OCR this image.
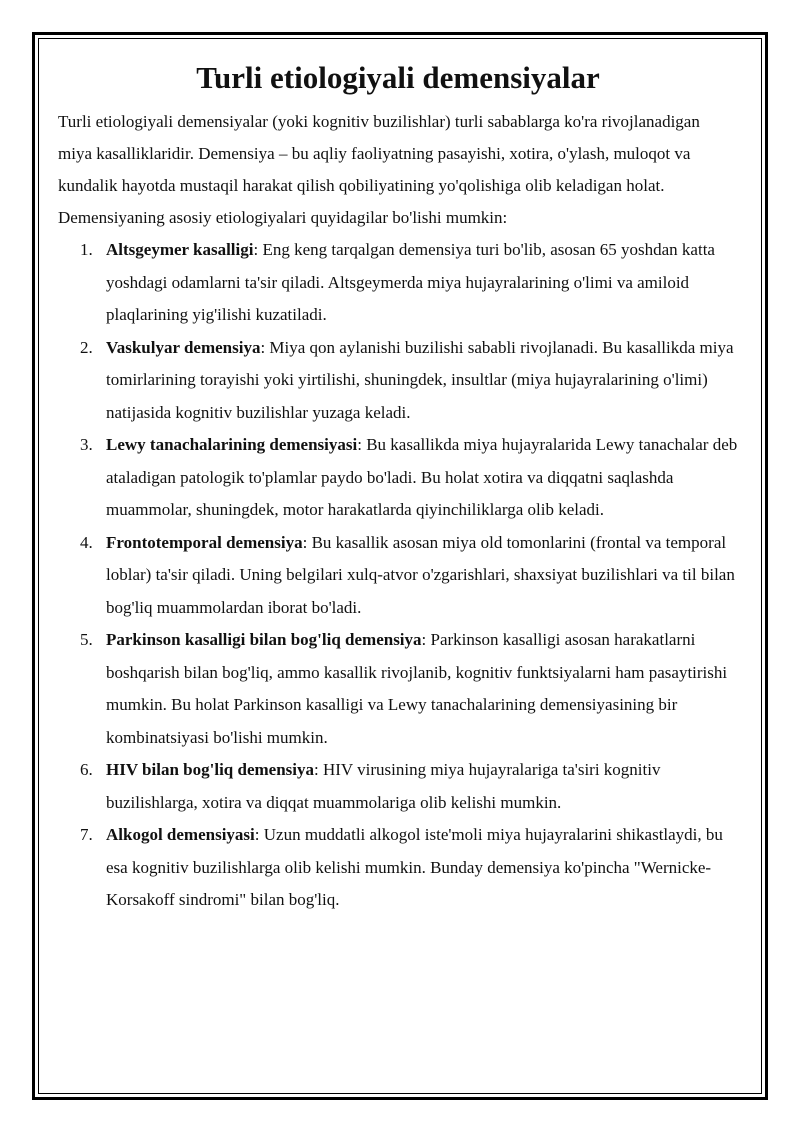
Turli etiologiyali demensiyalar

Turli etiologiyali demensiyalar (yoki kognitiv buzilishlar) turli sabablarga ko'ra rivojlanadigan miya kasalliklaridir. Demensiya – bu aqliy faoliyatning pasayishi, xotira, o'ylash, muloqot va kundalik hayotda mustaqil harakat qilish qobiliyatining yo'qolishiga olib keladigan holat.

Demensiyaning asosiy etiologiyalari quyidagilar bo'lishi mumkin:

1. Altsgeymer kasalligi: Eng keng tarqalgan demensiya turi bo'lib, asosan 65 yoshdan katta yoshdagi odamlarni ta'sir qiladi. Altsgeymerda miya hujayralarining o'limi va amiloid plaqlarining yig'ilishi kuzatiladi.
2. Vaskulyar demensiya: Miya qon aylanishi buzilishi sababli rivojlanadi. Bu kasallikda miya tomirlarining torayishi yoki yirtilishi, shuningdek, insultlar (miya hujayralarining o'limi) natijasida kognitiv buzilishlar yuzaga keladi.
3. Lewy tanachalarining demensiyasi: Bu kasallikda miya hujayralarida Lewy tanachalar deb ataladigan patologik to'plamlar paydo bo'ladi. Bu holat xotira va diqqatni saqlashda muammolar, shuningdek, motor harakatlarda qiyinchiliklarga olib keladi.
4. Frontotemporal demensiya: Bu kasallik asosan miya old tomonlarini (frontal va temporal loblar) ta'sir qiladi. Uning belgilari xulq-atvor o'zgarishlari, shaxsiyat buzilishlari va til bilan bog'liq muammolardan iborat bo'ladi.
5. Parkinson kasalligi bilan bog'liq demensiya: Parkinson kasalligi asosan harakatlarni boshqarish bilan bog'liq, ammo kasallik rivojlanib, kognitiv funktsiyalarni ham pasaytirishi mumkin. Bu holat Parkinson kasalligi va Lewy tanachalarining demensiyasining bir kombinatsiyasi bo'lishi mumkin.
6. HIV bilan bog'liq demensiya: HIV virusining miya hujayralariga ta'siri kognitiv buzilishlarga, xotira va diqqat muammolariga olib kelishi mumkin.
7. Alkogol demensiyasi: Uzun muddatli alkogol iste'moli miya hujayralarini shikastlaydi, bu esa kognitiv buzilishlarga olib kelishi mumkin. Bunday demensiya ko'pincha "Wernicke-Korsakoff sindromi" bilan bog'liq.
